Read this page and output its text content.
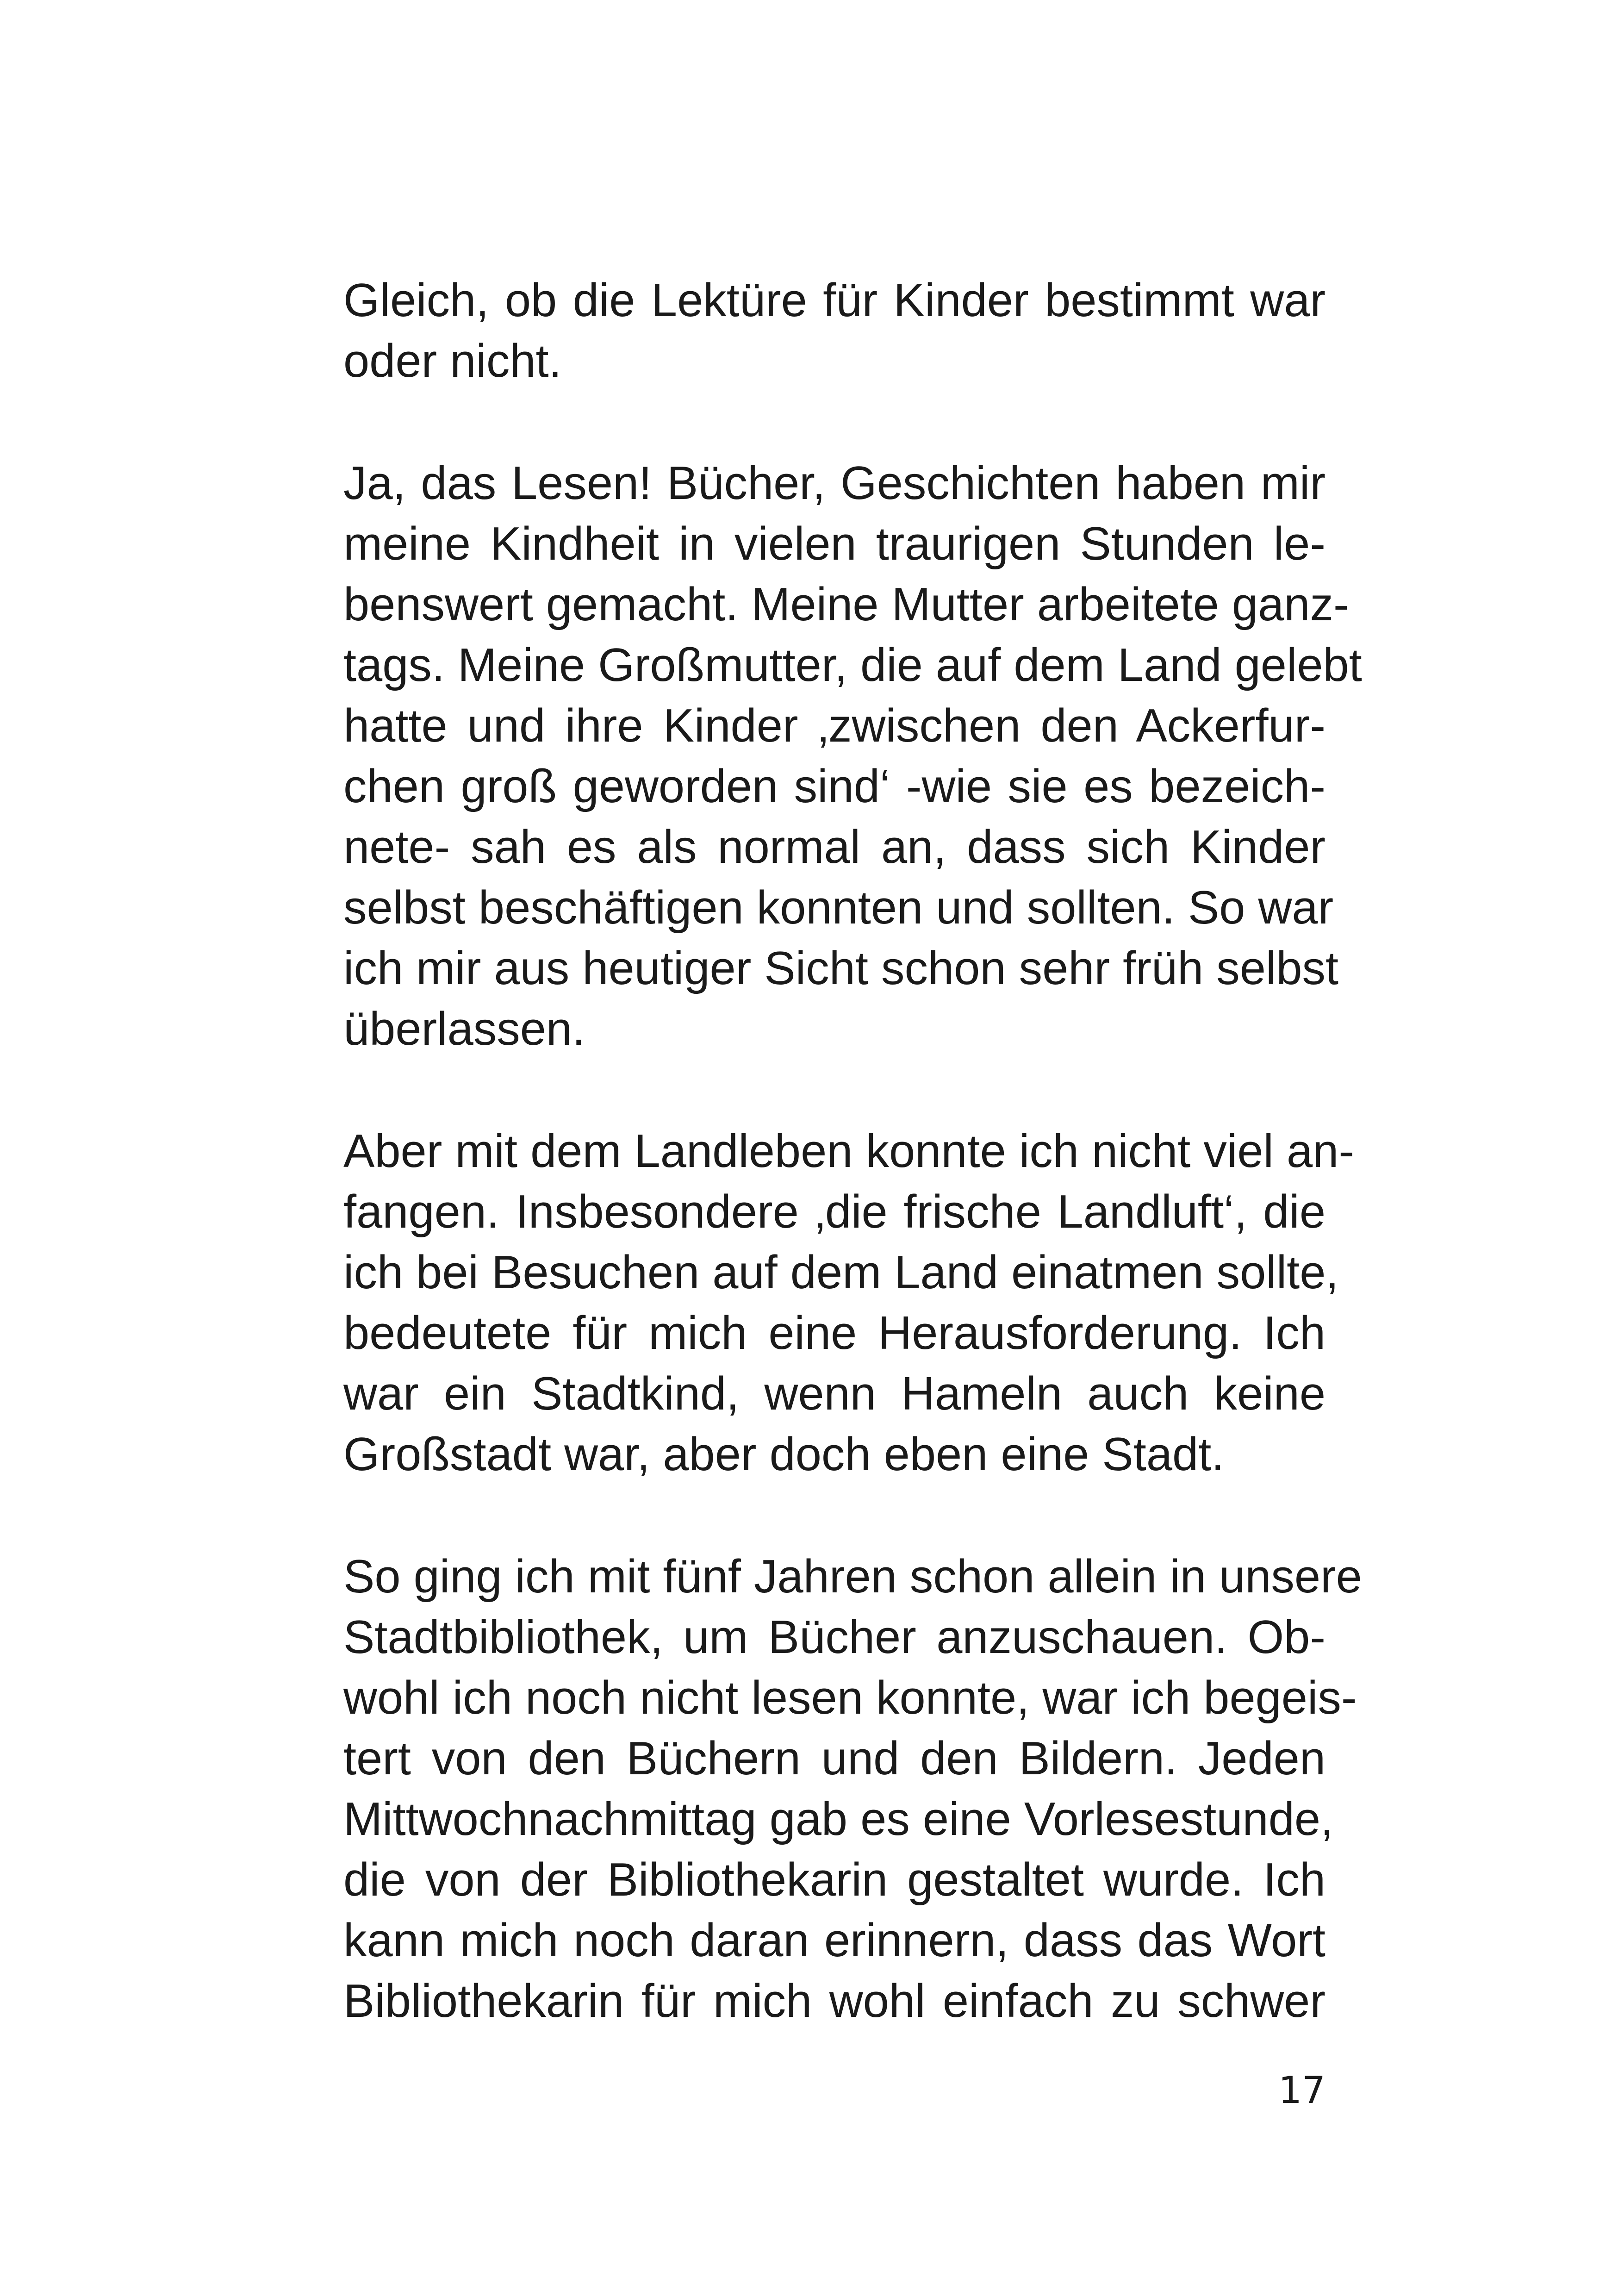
Gleich, ob die Lektüre für Kinder bestimmt war
oder nicht.
Ja, das Lesen! Bücher, Geschichten haben mir
meine Kindheit in vielen traurigen Stunden le-
benswert gemacht. Meine Mutter arbeitete ganz-
tags. Meine Großmutter, die auf dem Land gelebt
hatte und ihre Kinder ‚zwischen den Ackerfur-
chen groß geworden sind‘ -wie sie es bezeich-
nete- sah es als normal an, dass sich Kinder
selbst beschäftigen konnten und sollten. So war
ich mir aus heutiger Sicht schon sehr früh selbst
überlassen.
Aber mit dem Landleben konnte ich nicht viel an-
fangen. Insbesondere ‚die frische Landluft‘, die
ich bei Besuchen auf dem Land einatmen sollte,
bedeutete für mich eine Herausforderung. Ich
war ein Stadtkind, wenn Hameln auch keine
Großstadt war, aber doch eben eine Stadt.
So ging ich mit fünf Jahren schon allein in unsere
Stadtbibliothek, um Bücher anzuschauen. Ob-
wohl ich noch nicht lesen konnte, war ich begeis-
tert von den Büchern und den Bildern. Jeden
Mittwochnachmittag gab es eine Vorlesestunde,
die von der Bibliothekarin gestaltet wurde. Ich
kann mich noch daran erinnern, dass das Wort
Bibliothekarin für mich wohl einfach zu schwer
17
